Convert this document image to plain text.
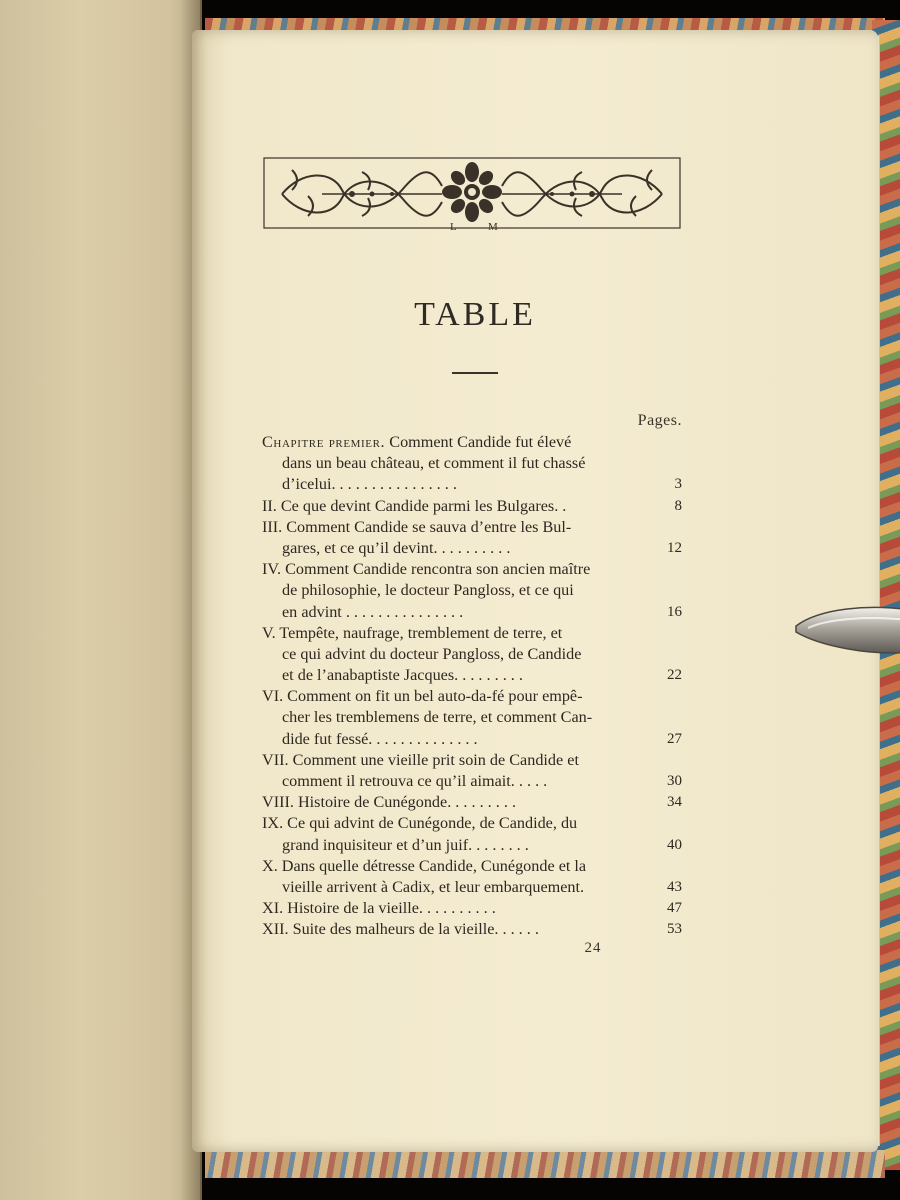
L	M
TABLE
Pages.
Chapitre premier. Comment Candide fut élevé
dans un beau château, et comment il fut chassé
d’icelui. . . . . . . . . . . . . . . .	3
II. Ce que devint Candide parmi les Bulgares. .	8
III. Comment Candide se sauva d’entre les Bul-
gares, et ce qu’il devint. . . . . . . . . .	12
IV. Comment Candide rencontra son ancien maître
de philosophie, le docteur Pangloss, et ce qui
en advint . . . . . . . . . . . . . . .	16
V. Tempête, naufrage, tremblement de terre, et
ce qui advint du docteur Pangloss, de Candide
et de l’anabaptiste Jacques. . . . . . . . .	22
VI. Comment on fit un bel auto-da-fé pour empê-
cher les tremblemens de terre, et comment Can-
dide fut fessé. . . . . . . . . . . . . .	27
VII. Comment une vieille prit soin de Candide et
comment il retrouva ce qu’il aimait. . . . .	30
VIII. Histoire de Cunégonde. . . . . . . . .	34
IX. Ce qui advint de Cunégonde, de Candide, du
grand inquisiteur et d’un juif. . . . . . . .	40
X. Dans quelle détresse Candide, Cunégonde et la
vieille arrivent à Cadix, et leur embarquement.	43
XI. Histoire de la vieille. . . . . . . . . .	47
XII. Suite des malheurs de la vieille. . . . . .	53
24
